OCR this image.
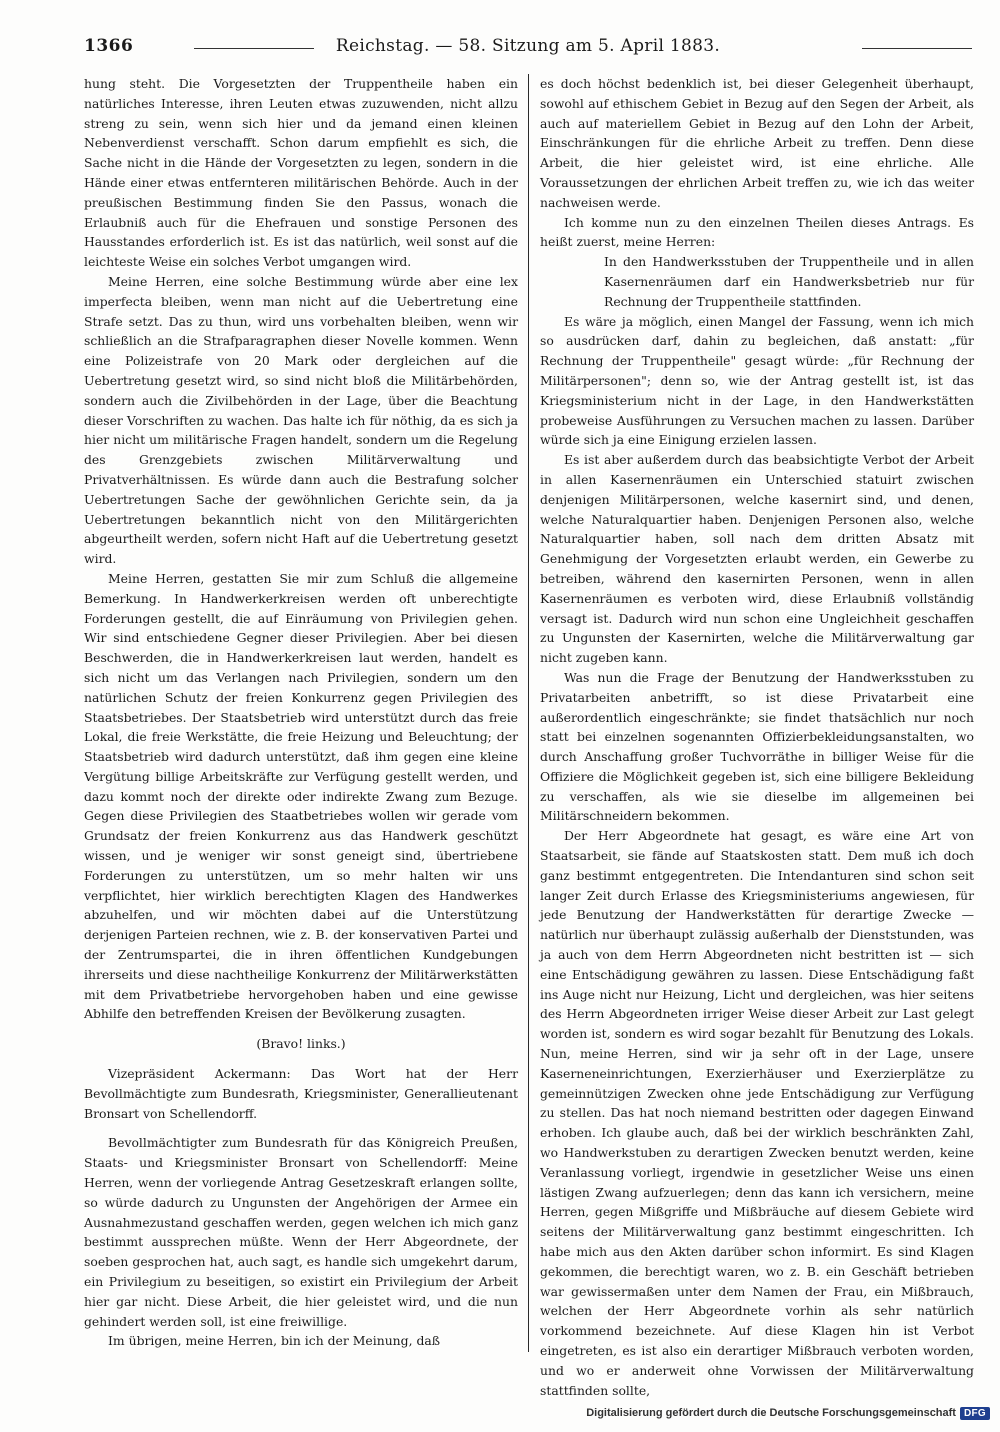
1366	Reichstag. — 58. Sitzung am 5. April 1883.

hung steht. Die Vorgesetzten der Truppentheile haben ein natürliches Interesse, ihren Leuten etwas zuzuwenden, nicht allzu streng zu sein, wenn sich hier und da jemand einen kleinen Nebenverdienst verschafft. Schon darum empfiehlt es sich, die Sache nicht in die Hände der Vorgesetzten zu legen, sondern in die Hände einer etwas entfernteren militärischen Behörde. Auch in der preußischen Bestimmung finden Sie den Passus, wonach die Erlaubniß auch für die Ehefrauen und sonstige Personen des Hausstandes erforderlich ist. Es ist das natürlich, weil sonst auf die leichteste Weise ein solches Verbot umgangen wird.

Meine Herren, eine solche Bestimmung würde aber eine lex imperfecta bleiben, wenn man nicht auf die Uebertretung eine Strafe setzt. Das zu thun, wird uns vorbehalten bleiben, wenn wir schließlich an die Strafparagraphen dieser Novelle kommen. Wenn eine Polizeistrafe von 20 Mark oder dergleichen auf die Uebertretung gesetzt wird, so sind nicht bloß die Militärbehörden, sondern auch die Zivilbehörden in der Lage, über die Beachtung dieser Vorschriften zu wachen. Das halte ich für nöthig, da es sich ja hier nicht um militärische Fragen handelt, sondern um die Regelung des Grenzgebiets zwischen Militärverwaltung und Privatverhältnissen. Es würde dann auch die Bestrafung solcher Uebertretungen Sache der gewöhnlichen Gerichte sein, da ja Uebertretungen bekanntlich nicht von den Militärgerichten abgeurtheilt werden, sofern nicht Haft auf die Uebertretung gesetzt wird.

Meine Herren, gestatten Sie mir zum Schluß die allgemeine Bemerkung. In Handwerkerkreisen werden oft unberechtigte Forderungen gestellt, die auf Einräumung von Privilegien gehen. Wir sind entschiedene Gegner dieser Privilegien. Aber bei diesen Beschwerden, die in Handwerkerkreisen laut werden, handelt es sich nicht um das Verlangen nach Privilegien, sondern um den natürlichen Schutz der freien Konkurrenz gegen Privilegien des Staatsbetriebes. Der Staatsbetrieb wird unterstützt durch das freie Lokal, die freie Werkstätte, die freie Heizung und Beleuchtung; der Staatsbetrieb wird dadurch unterstützt, daß ihm gegen eine kleine Vergütung billige Arbeitskräfte zur Verfügung gestellt werden, und dazu kommt noch der direkte oder indirekte Zwang zum Bezuge. Gegen diese Privilegien des Staatbetriebes wollen wir gerade vom Grundsatz der freien Konkurrenz aus das Handwerk geschützt wissen, und je weniger wir sonst geneigt sind, übertriebene Forderungen zu unterstützen, um so mehr halten wir uns verpflichtet, hier wirklich berechtigten Klagen des Handwerkes abzuhelfen, und wir möchten dabei auf die Unterstützung derjenigen Parteien rechnen, wie z. B. der konservativen Partei und der Zentrumspartei, die in ihren öffentlichen Kundgebungen ihrerseits und diese nachtheilige Konkurrenz der Militärwerkstätten mit dem Privatbetriebe hervorgehoben haben und eine gewisse Abhilfe den betreffenden Kreisen der Bevölkerung zusagten.

(Bravo! links.)

Vizepräsident Ackermann: Das Wort hat der Herr Bevollmächtigte zum Bundesrath, Kriegsminister, Generallieutenant Bronsart von Schellendorff.

Bevollmächtigter zum Bundesrath für das Königreich Preußen, Staats- und Kriegsminister Bronsart von Schellendorff: Meine Herren, wenn der vorliegende Antrag Gesetzeskraft erlangen sollte, so würde dadurch zu Ungunsten der Angehörigen der Armee ein Ausnahmezustand geschaffen werden, gegen welchen ich mich ganz bestimmt aussprechen müßte. Wenn der Herr Abgeordnete, der soeben gesprochen hat, auch sagt, es handle sich umgekehrt darum, ein Privilegium zu beseitigen, so existirt ein Privilegium der Arbeit hier gar nicht. Diese Arbeit, die hier geleistet wird, und die nun gehindert werden soll, ist eine freiwillige.

Im übrigen, meine Herren, bin ich der Meinung, daß

es doch höchst bedenklich ist, bei dieser Gelegenheit überhaupt, sowohl auf ethischem Gebiet in Bezug auf den Segen der Arbeit, als auch auf materiellem Gebiet in Bezug auf den Lohn der Arbeit, Einschränkungen für die ehrliche Arbeit zu treffen. Denn diese Arbeit, die hier geleistet wird, ist eine ehrliche. Alle Voraussetzungen der ehrlichen Arbeit treffen zu, wie ich das weiter nachweisen werde.

Ich komme nun zu den einzelnen Theilen dieses Antrags. Es heißt zuerst, meine Herren:

In den Handwerksstuben der Truppentheile und in allen Kasernenräumen darf ein Handwerksbetrieb nur für Rechnung der Truppentheile stattfinden.

Es wäre ja möglich, einen Mangel der Fassung, wenn ich mich so ausdrücken darf, dahin zu begleichen, daß anstatt: „für Rechnung der Truppentheile" gesagt würde: „für Rechnung der Militärpersonen"; denn so, wie der Antrag gestellt ist, ist das Kriegsministerium nicht in der Lage, in den Handwerkstätten probeweise Ausführungen zu Versuchen machen zu lassen. Darüber würde sich ja eine Einigung erzielen lassen.

Es ist aber außerdem durch das beabsichtigte Verbot der Arbeit in allen Kasernenräumen ein Unterschied statuirt zwischen denjenigen Militärpersonen, welche kasernirt sind, und denen, welche Naturalquartier haben. Denjenigen Personen also, welche Naturalquartier haben, soll nach dem dritten Absatz mit Genehmigung der Vorgesetzten erlaubt werden, ein Gewerbe zu betreiben, während den kasernirten Personen, wenn in allen Kasernenräumen es verboten wird, diese Erlaubniß vollständig versagt ist. Dadurch wird nun schon eine Ungleichheit geschaffen zu Ungunsten der Kasernirten, welche die Militärverwaltung gar nicht zugeben kann.

Was nun die Frage der Benutzung der Handwerksstuben zu Privatarbeiten anbetrifft, so ist diese Privatarbeit eine außerordentlich eingeschränkte; sie findet thatsächlich nur noch statt bei einzelnen sogenannten Offizierbekleidungsanstalten, wo durch Anschaffung großer Tuchvorräthe in billiger Weise für die Offiziere die Möglichkeit gegeben ist, sich eine billigere Bekleidung zu verschaffen, als wie sie dieselbe im allgemeinen bei Militärschneidern bekommen.

Der Herr Abgeordnete hat gesagt, es wäre eine Art von Staatsarbeit, sie fände auf Staatskosten statt. Dem muß ich doch ganz bestimmt entgegentreten. Die Intendanturen sind schon seit langer Zeit durch Erlasse des Kriegsministeriums angewiesen, für jede Benutzung der Handwerkstätten für derartige Zwecke — natürlich nur überhaupt zulässig außerhalb der Dienststunden, was ja auch von dem Herrn Abgeordneten nicht bestritten ist — sich eine Entschädigung gewähren zu lassen. Diese Entschädigung faßt ins Auge nicht nur Heizung, Licht und dergleichen, was hier seitens des Herrn Abgeordneten irriger Weise dieser Arbeit zur Last gelegt worden ist, sondern es wird sogar bezahlt für Benutzung des Lokals. Nun, meine Herren, sind wir ja sehr oft in der Lage, unsere Kaserneneinrichtungen, Exerzierhäuser und Exerzierplätze zu gemeinnützigen Zwecken ohne jede Entschädigung zur Verfügung zu stellen. Das hat noch niemand bestritten oder dagegen Einwand erhoben. Ich glaube auch, daß bei der wirklich beschränkten Zahl, wo Handwerkstuben zu derartigen Zwecken benutzt werden, keine Veranlassung vorliegt, irgendwie in gesetzlicher Weise uns einen lästigen Zwang aufzuerlegen; denn das kann ich versichern, meine Herren, gegen Mißgriffe und Mißbräuche auf diesem Gebiete wird seitens der Militärverwaltung ganz bestimmt eingeschritten. Ich habe mich aus den Akten darüber schon informirt. Es sind Klagen gekommen, die berechtigt waren, wo z. B. ein Geschäft betrieben war gewissermaßen unter dem Namen der Frau, ein Mißbrauch, welchen der Herr Abgeordnete vorhin als sehr natürlich vorkommend bezeichnete. Auf diese Klagen hin ist Verbot eingetreten, es ist also ein derartiger Mißbrauch verboten worden, und wo er anderweit ohne Vorwissen der Militärverwaltung stattfinden sollte,

Digitalisierung gefördert durch die Deutsche Forschungsgemeinschaft DFG
